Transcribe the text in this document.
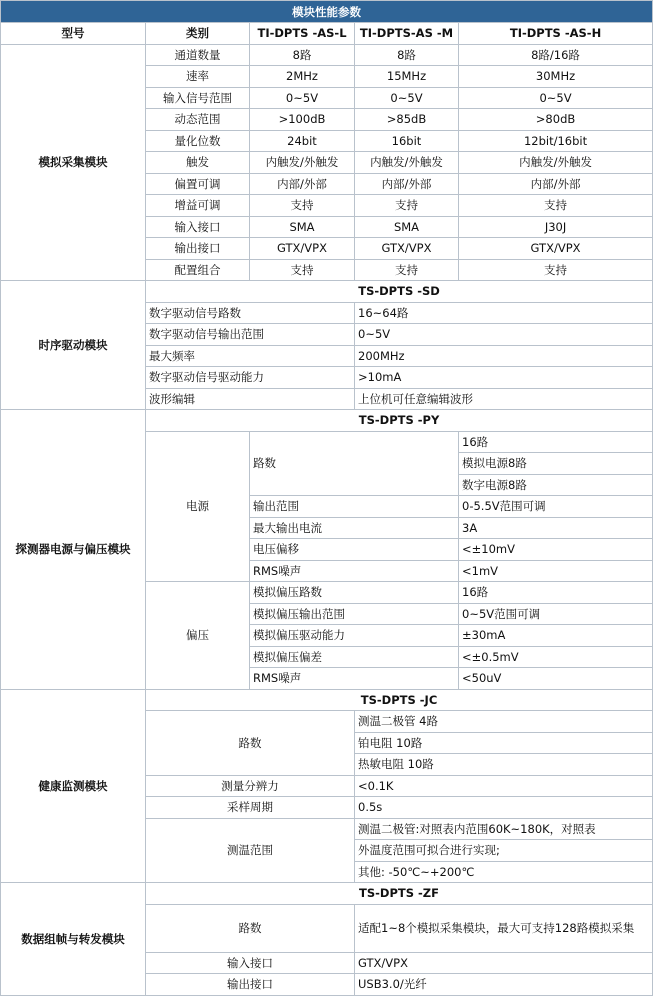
模块性能参数				
型号	类别	TI-DPTS -AS-L	TI-DPTS-AS -M	TI-DPTS -AS-H
模拟采集模块	通道数量	8路	8路	8路/16路
	速率	2MHz	15MHz	30MHz
	输入信号范围	0~5V	0~5V	0~5V
	动态范围	>100dB	>85dB	>80dB
	量化位数	24bit	16bit	12bit/16bit
	触发	内触发/外触发	内触发/外触发	内触发/外触发
	偏置可调	内部/外部	内部/外部	内部/外部
	增益可调	支持	支持	支持
	输入接口	SMA	SMA	J30J
	输出接口	GTX/VPX	GTX/VPX	GTX/VPX
	配置组合	支持	支持	支持
时序驱动模块	TS-DPTS -SD			
	数字驱动信号路数		16~64路	
	数字驱动信号输出范围		0~5V	
	最大频率		200MHz	
	数字驱动信号驱动能力		>10mA	
	波形编辑		上位机可任意编辑波形	
探测器电源与偏压模块	TS-DPTS -PY			
	电源	路数		16路
				模拟电源8路
				数字电源8路
		输出范围		0-5.5V范围可调
		最大输出电流		3A
		电压偏移		<±10mV
		RMS噪声		<1mV
	偏压	模拟偏压路数		16路
		模拟偏压输出范围		0~5V范围可调
		模拟偏压驱动能力		±30mA
		模拟偏压偏差		<±0.5mV
		RMS噪声		<50uV
健康监测模块	TS-DPTS -JC			
	路数		测温二极管 4路	
			铂电阻 10路	
			热敏电阻 10路	
	测量分辨力		<0.1K	
	采样周期		0.5s	
	测温范围		测温二极管:对照表内范围60K~180K，对照表	
			外温度范围可拟合进行实现;	
			其他: -50℃~+200℃	
数据组帧与转发模块	TS-DPTS -ZF			
	路数		适配1~8个模拟采集模块，最大可支持128路模拟采集	
	输入接口		GTX/VPX	
	输出接口		USB3.0/光纤	
